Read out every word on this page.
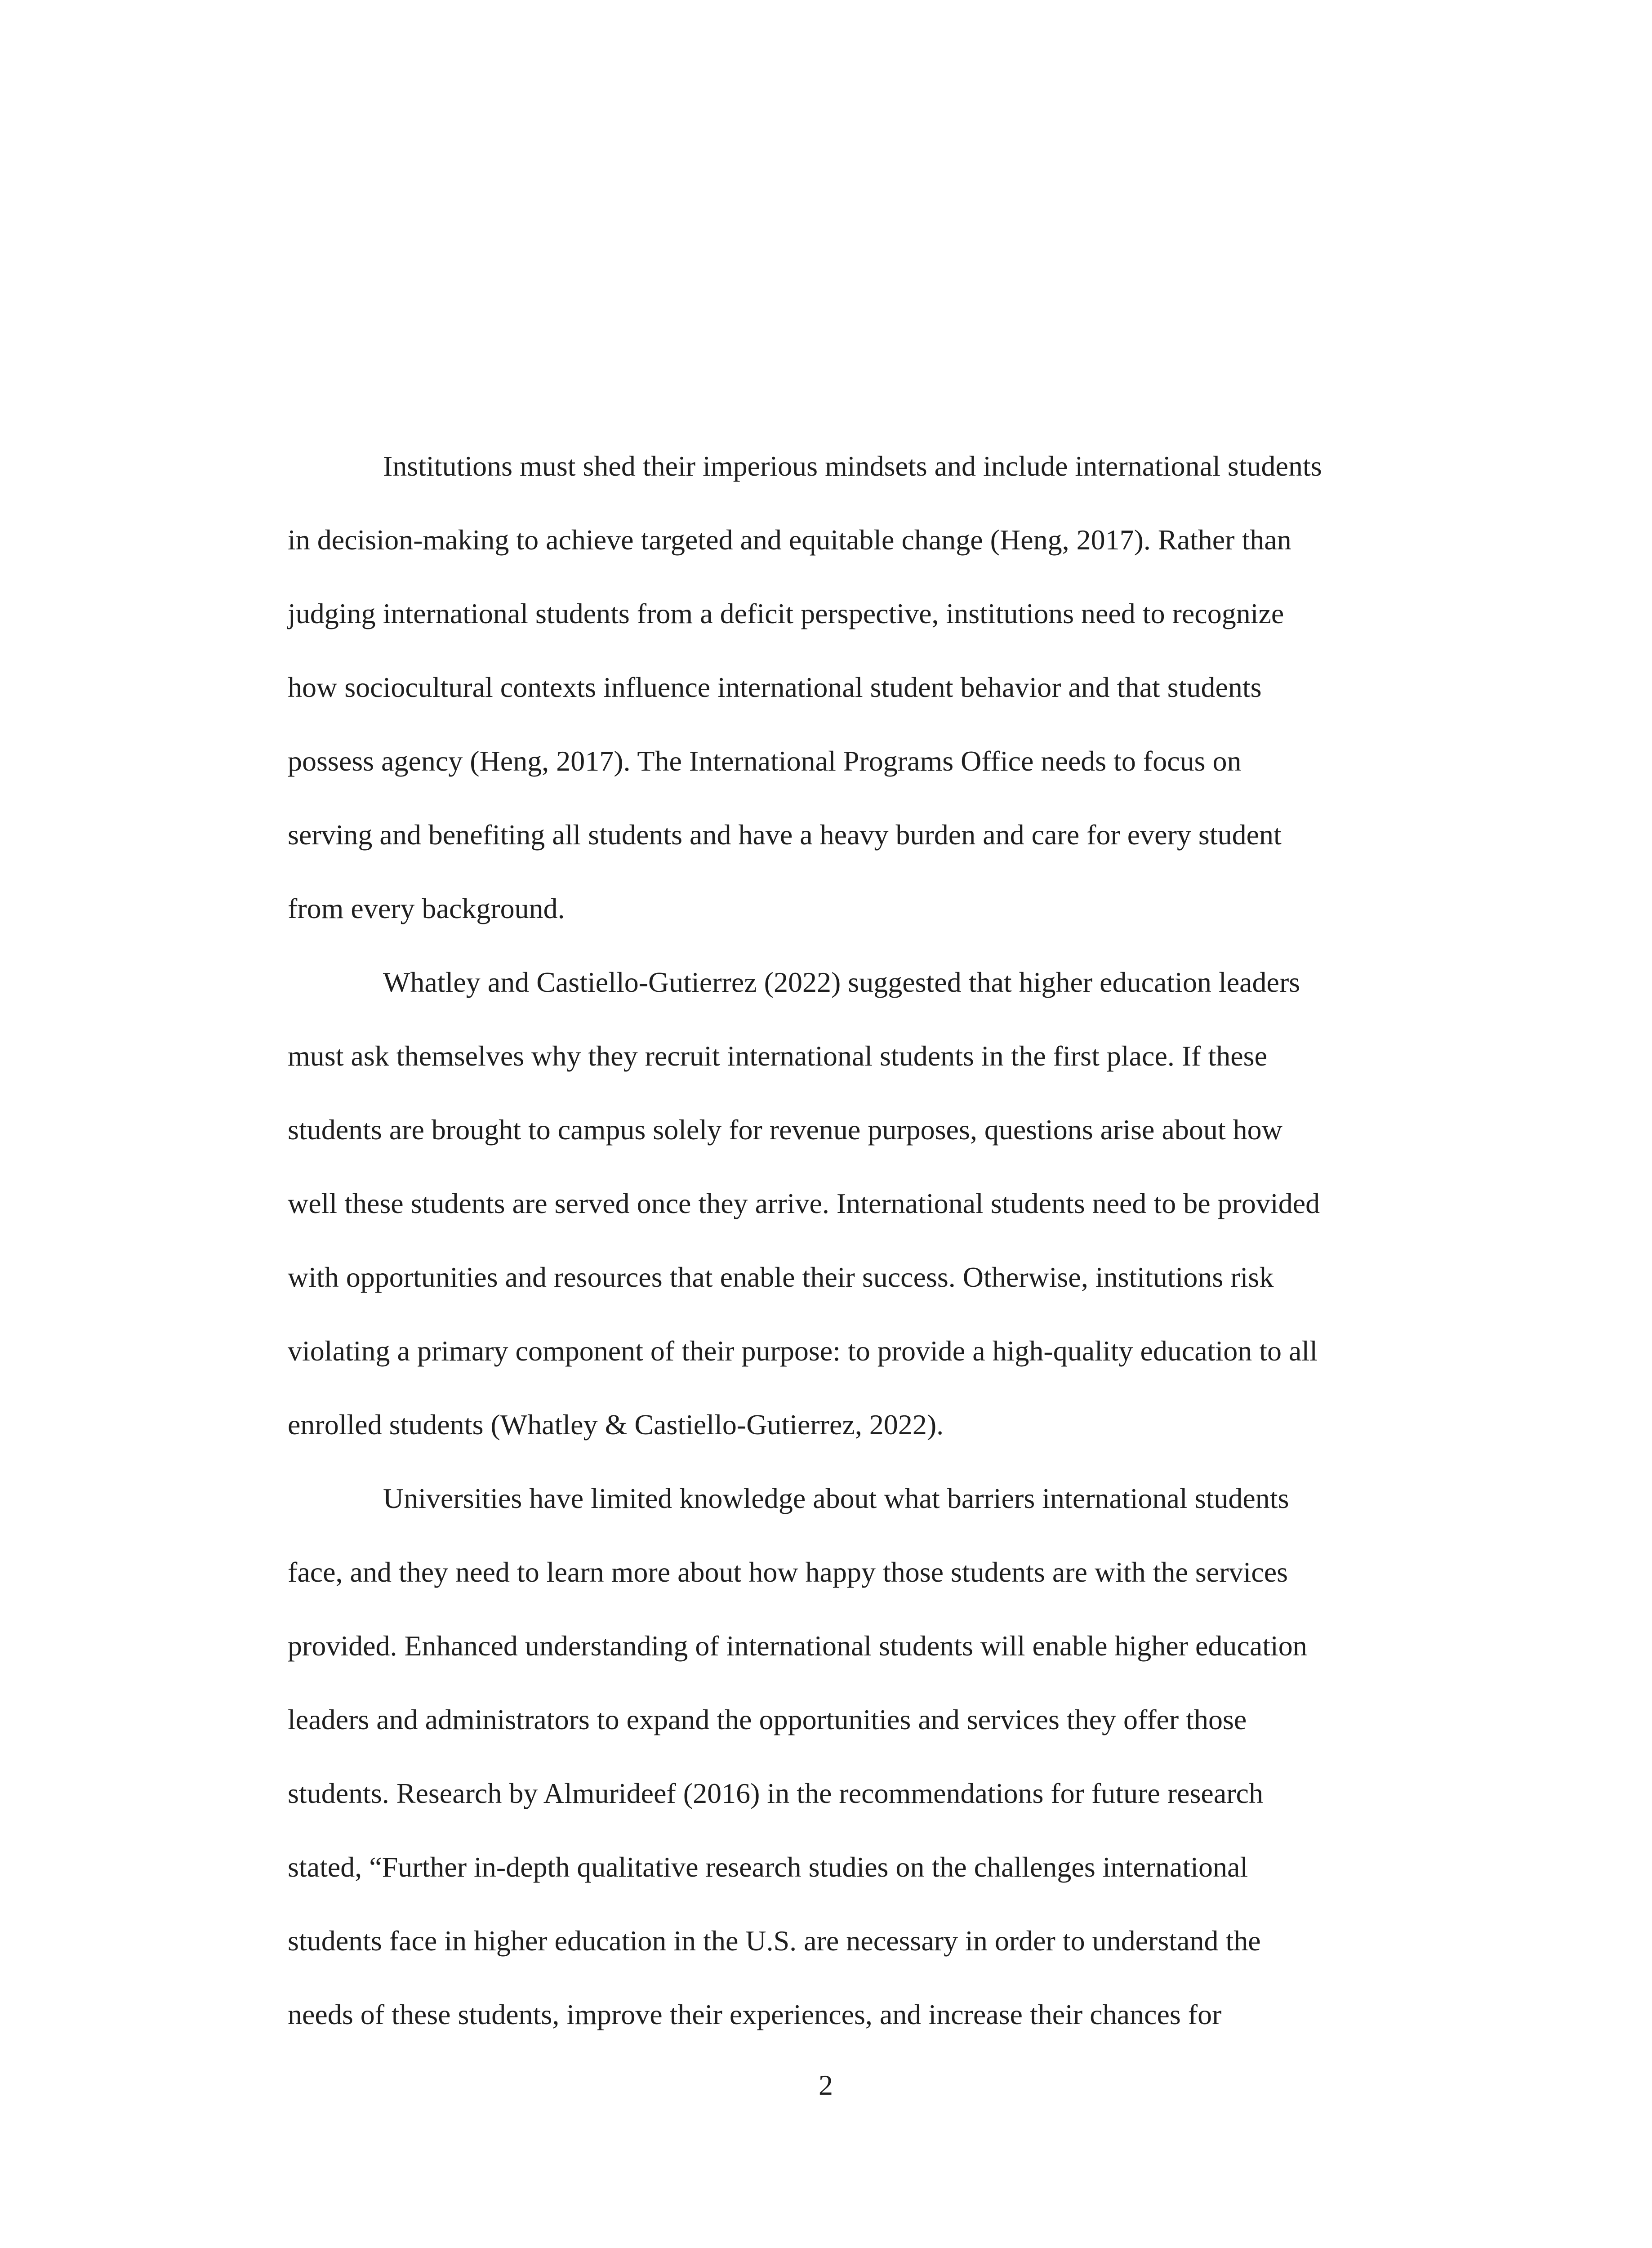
Institutions must shed their imperious mindsets and include international students
in decision-making to achieve targeted and equitable change (Heng, 2017). Rather than
judging international students from a deficit perspective, institutions need to recognize
how sociocultural contexts influence international student behavior and that students
possess agency (Heng, 2017). The International Programs Office needs to focus on
serving and benefiting all students and have a heavy burden and care for every student
from every background.
Whatley and Castiello-Gutierrez (2022) suggested that higher education leaders
must ask themselves why they recruit international students in the first place. If these
students are brought to campus solely for revenue purposes, questions arise about how
well these students are served once they arrive. International students need to be provided
with opportunities and resources that enable their success. Otherwise, institutions risk
violating a primary component of their purpose: to provide a high-quality education to all
enrolled students (Whatley & Castiello-Gutierrez, 2022).
Universities have limited knowledge about what barriers international students
face, and they need to learn more about how happy those students are with the services
provided. Enhanced understanding of international students will enable higher education
leaders and administrators to expand the opportunities and services they offer those
students. Research by Almurideef (2016) in the recommendations for future research
stated, “Further in-depth qualitative research studies on the challenges international
students face in higher education in the U.S. are necessary in order to understand the
needs of these students, improve their experiences, and increase their chances for
2
